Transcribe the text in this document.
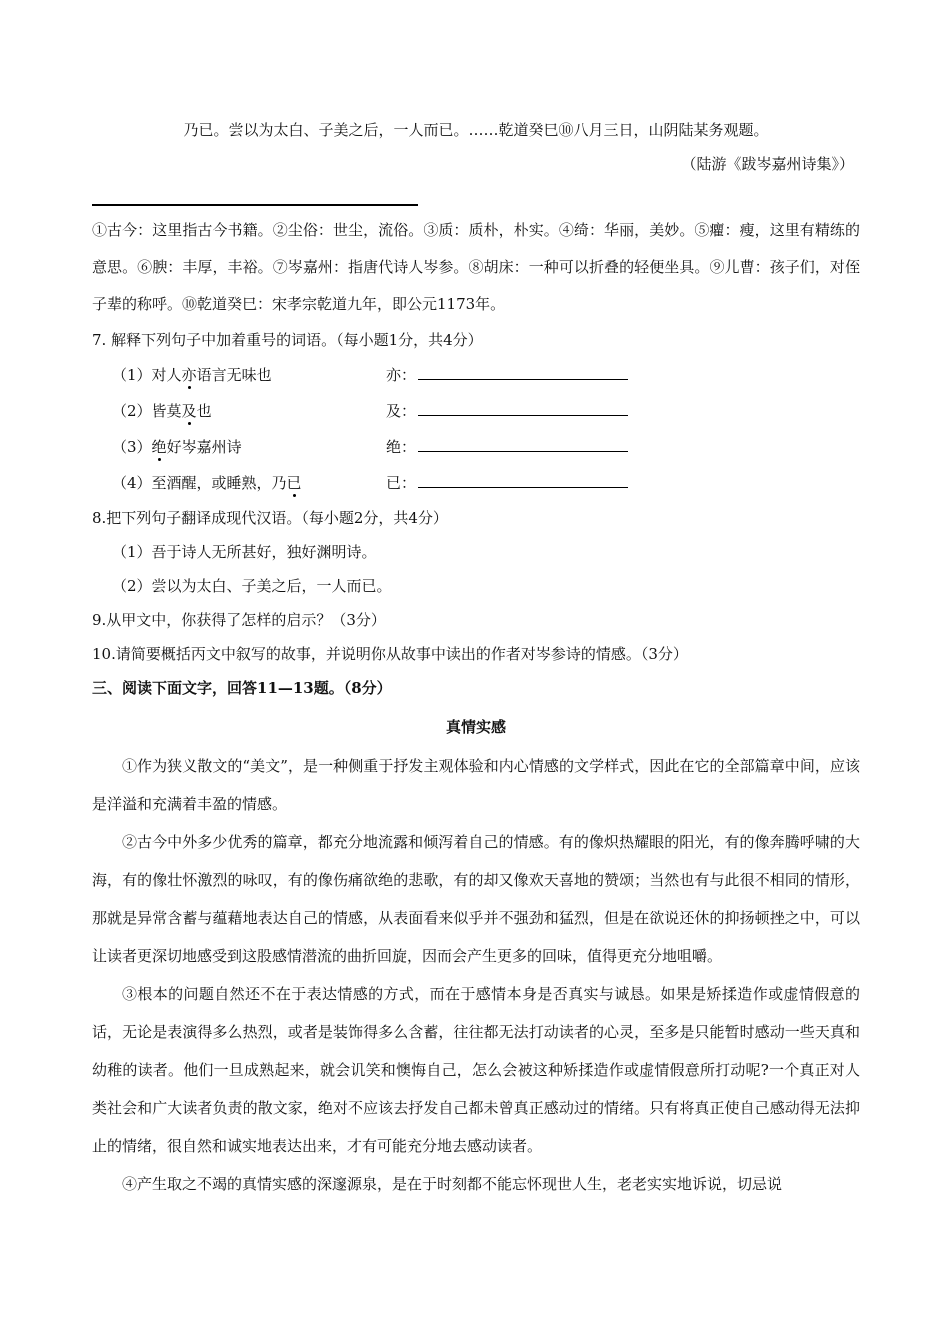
乃已。尝以为太白、子美之后，一人而已。……乾道癸巳⑩八月三日，山阴陆某务观题。

（陆游《跋岑嘉州诗集》）

①古今：这里指古今书籍。②尘俗：世尘，流俗。③质：质朴，朴实。④绮：华丽，美妙。⑤癯：瘦，这里有精练的意思。⑥腴：丰厚，丰裕。⑦岑嘉州：指唐代诗人岑参。⑧胡床：一种可以折叠的轻便坐具。⑨儿曹：孩子们，对侄子辈的称呼。⑩乾道癸巳：宋孝宗乾道九年，即公元1173年。

7. 解释下列句子中加着重号的词语。（每小题1分，共4分）

（1）对人亦语言无味也	亦：
（2）皆莫及也	及：
（3）绝好岑嘉州诗	绝：
（4）至酒醒，或睡熟，乃已	已：

8.把下列句子翻译成现代汉语。（每小题2分，共4分）

（1）吾于诗人无所甚好，独好渊明诗。

（2）尝以为太白、子美之后，一人而已。

9.从甲文中，你获得了怎样的启示？（3分）

10.请简要概括丙文中叙写的故事，并说明你从故事中读出的作者对岑参诗的情感。（3分）

三、阅读下面文字，回答11—13题。（8分）

真情实感

①作为狭义散文的“美文”，是一种侧重于抒发主观体验和内心情感的文学样式，因此在它的全部篇章中间，应该是洋溢和充满着丰盈的情感。

②古今中外多少优秀的篇章，都充分地流露和倾泻着自己的情感。有的像炽热耀眼的阳光，有的像奔腾呼啸的大海，有的像壮怀激烈的咏叹，有的像伤痛欲绝的悲歌，有的却又像欢天喜地的赞颂；当然也有与此很不相同的情形，那就是异常含蓄与蕴藉地表达自己的情感，从表面看来似乎并不强劲和猛烈，但是在欲说还休的抑扬顿挫之中，可以让读者更深切地感受到这股感情潜流的曲折回旋，因而会产生更多的回味，值得更充分地咀嚼。

③根本的问题自然还不在于表达情感的方式，而在于感情本身是否真实与诚恳。如果是矫揉造作或虚情假意的话，无论是表演得多么热烈，或者是装饰得多么含蓄，往往都无法打动读者的心灵，至多是只能暂时感动一些天真和幼稚的读者。他们一旦成熟起来，就会讥笑和懊悔自己，怎么会被这种矫揉造作或虚情假意所打动呢?一个真正对人类社会和广大读者负责的散文家，绝对不应该去抒发自己都未曾真正感动过的情绪。只有将真正使自己感动得无法抑止的情绪，很自然和诚实地表达出来，才有可能充分地去感动读者。

④产生取之不竭的真情实感的深邃源泉，是在于时刻都不能忘怀现世人生，老老实实地诉说，切忌说
